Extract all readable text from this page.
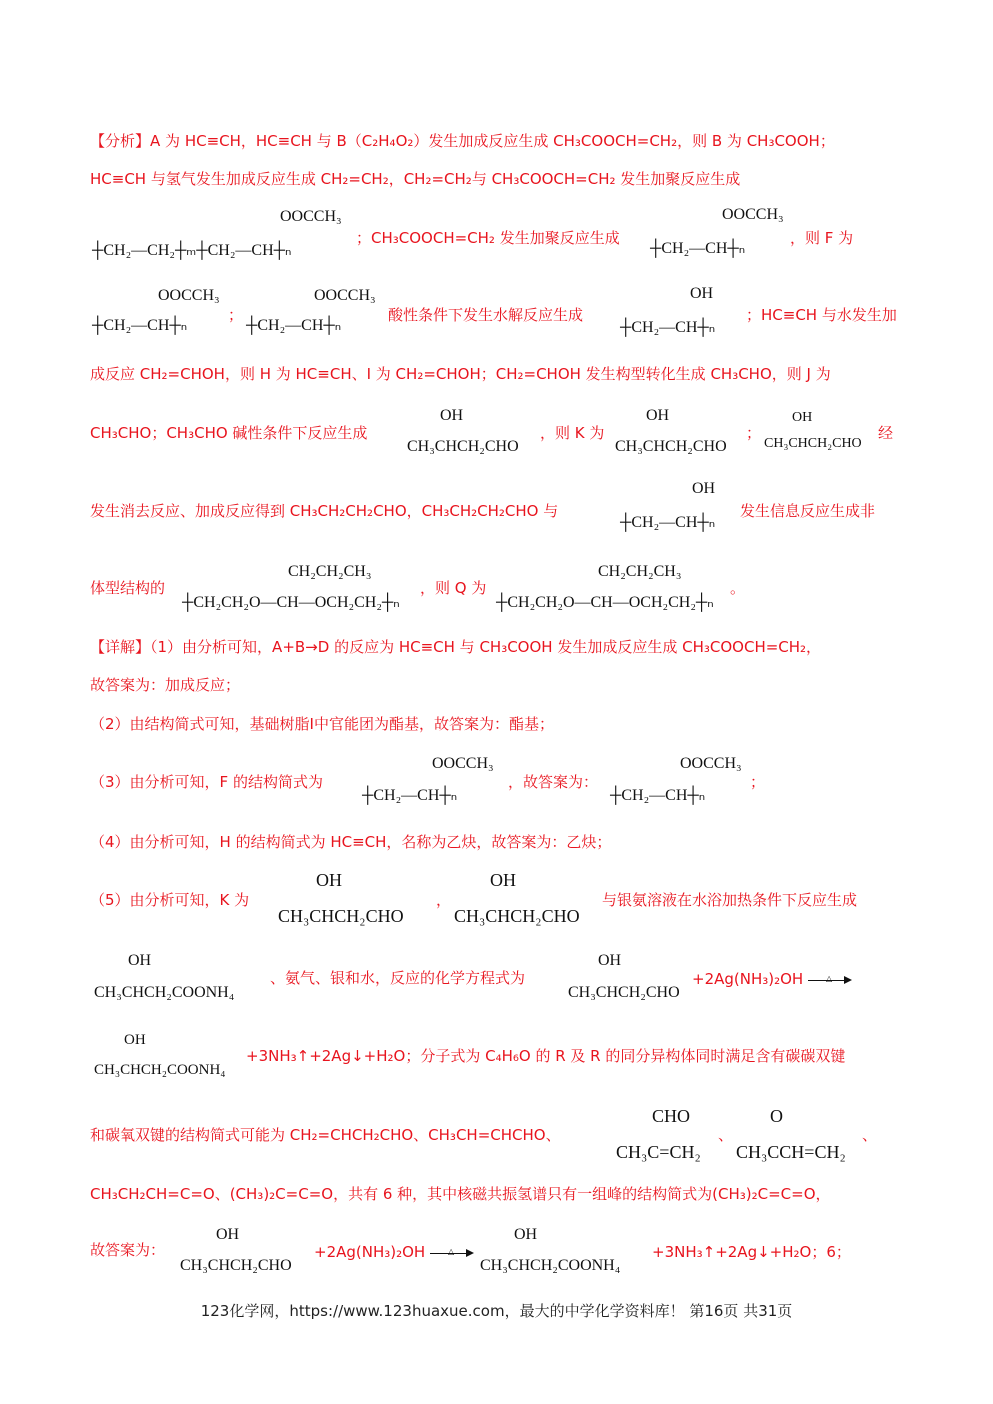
【分析】A 为 HC≡CH，HC≡CH 与 B（C₂H₄O₂）发生加成反应生成 CH₃COOCH=CH₂，则 B 为 CH₃COOH；
HC≡CH 与氢气发生加成反应生成 CH₂=CH₂，CH₂=CH₂与 CH₃COOCH=CH₂ 发生加聚反应生成
OOCCH₃
┼CH₂—CH₂┼ₘ┼CH₂—CH┼ₙ
；CH₃COOCH=CH₂ 发生加聚反应生成
OOCCH₃
┼CH₂—CH┼ₙ
，则 F 为
OOCCH₃
┼CH₂—CH┼ₙ
；
OOCCH₃
┼CH₂—CH┼ₙ
酸性条件下发生水解反应生成
OH
┼CH₂—CH┼ₙ
；HC≡CH 与水发生加
成反应 CH₂=CHOH，则 H 为 HC≡CH、I 为 CH₂=CHOH；CH₂=CHOH 发生构型转化生成 CH₃CHO，则 J 为
CH₃CHO；CH₃CHO 碱性条件下反应生成
OH
CH₃CHCH₂CHO
，则 K 为
OH
CH₃CHCH₂CHO
；
OH
CH₃CHCH₂CHO
经
发生消去反应、加成反应得到 CH₃CH₂CH₂CHO，CH₃CH₂CH₂CHO 与
OH
┼CH₂—CH┼ₙ
发生信息反应生成非
体型结构的
CH₂CH₂CH₃
┼CH₂CH₂O—CH—OCH₂CH₂┼ₙ
，则 Q 为
CH₂CH₂CH₃
┼CH₂CH₂O—CH—OCH₂CH₂┼ₙ
。
【详解】（1）由分析可知，A+B→D 的反应为 HC≡CH 与 CH₃COOH 发生加成反应生成 CH₃COOCH=CH₂，
故答案为：加成反应；
（2）由结构简式可知，基础树脂I中官能团为酯基，故答案为：酯基；
（3）由分析可知，F 的结构简式为
OOCCH₃
┼CH₂—CH┼ₙ
，故答案为：
OOCCH₃
┼CH₂—CH┼ₙ
；
（4）由分析可知，H 的结构简式为 HC≡CH，名称为乙炔，故答案为：乙炔；
（5）由分析可知，K 为
OH
CH₃CHCH₂CHO
，
OH
CH₃CHCH₂CHO
与银氨溶液在水浴加热条件下反应生成
OH
CH₃CHCH₂COONH₄
、氨气、银和水，反应的化学方程式为
OH
CH₃CHCH₂CHO
+2Ag(NH₃)₂OH	△
OH
CH₃CHCH₂COONH₄
+3NH₃↑+2Ag↓+H₂O；分子式为 C₄H₆O 的 R 及 R 的同分异构体同时满足含有碳碳双键
和碳氧双键的结构简式可能为 CH₂=CHCH₂CHO、CH₃CH=CHCHO、
CHO
CH₃C=CH₂
、
O
CH₃CCH=CH₂
、
CH₃CH₂CH=C=O、(CH₃)₂C=C=O，共有 6 种，其中核磁共振氢谱只有一组峰的结构简式为(CH₃)₂C=C=O，
故答案为：
OH
CH₃CHCH₂CHO
+2Ag(NH₃)₂OH	△
OH
CH₃CHCH₂COONH₄
+3NH₃↑+2Ag↓+H₂O；6；
123化学网，https://www.123huaxue.com，最大的中学化学资料库！ 第16页 共31页
